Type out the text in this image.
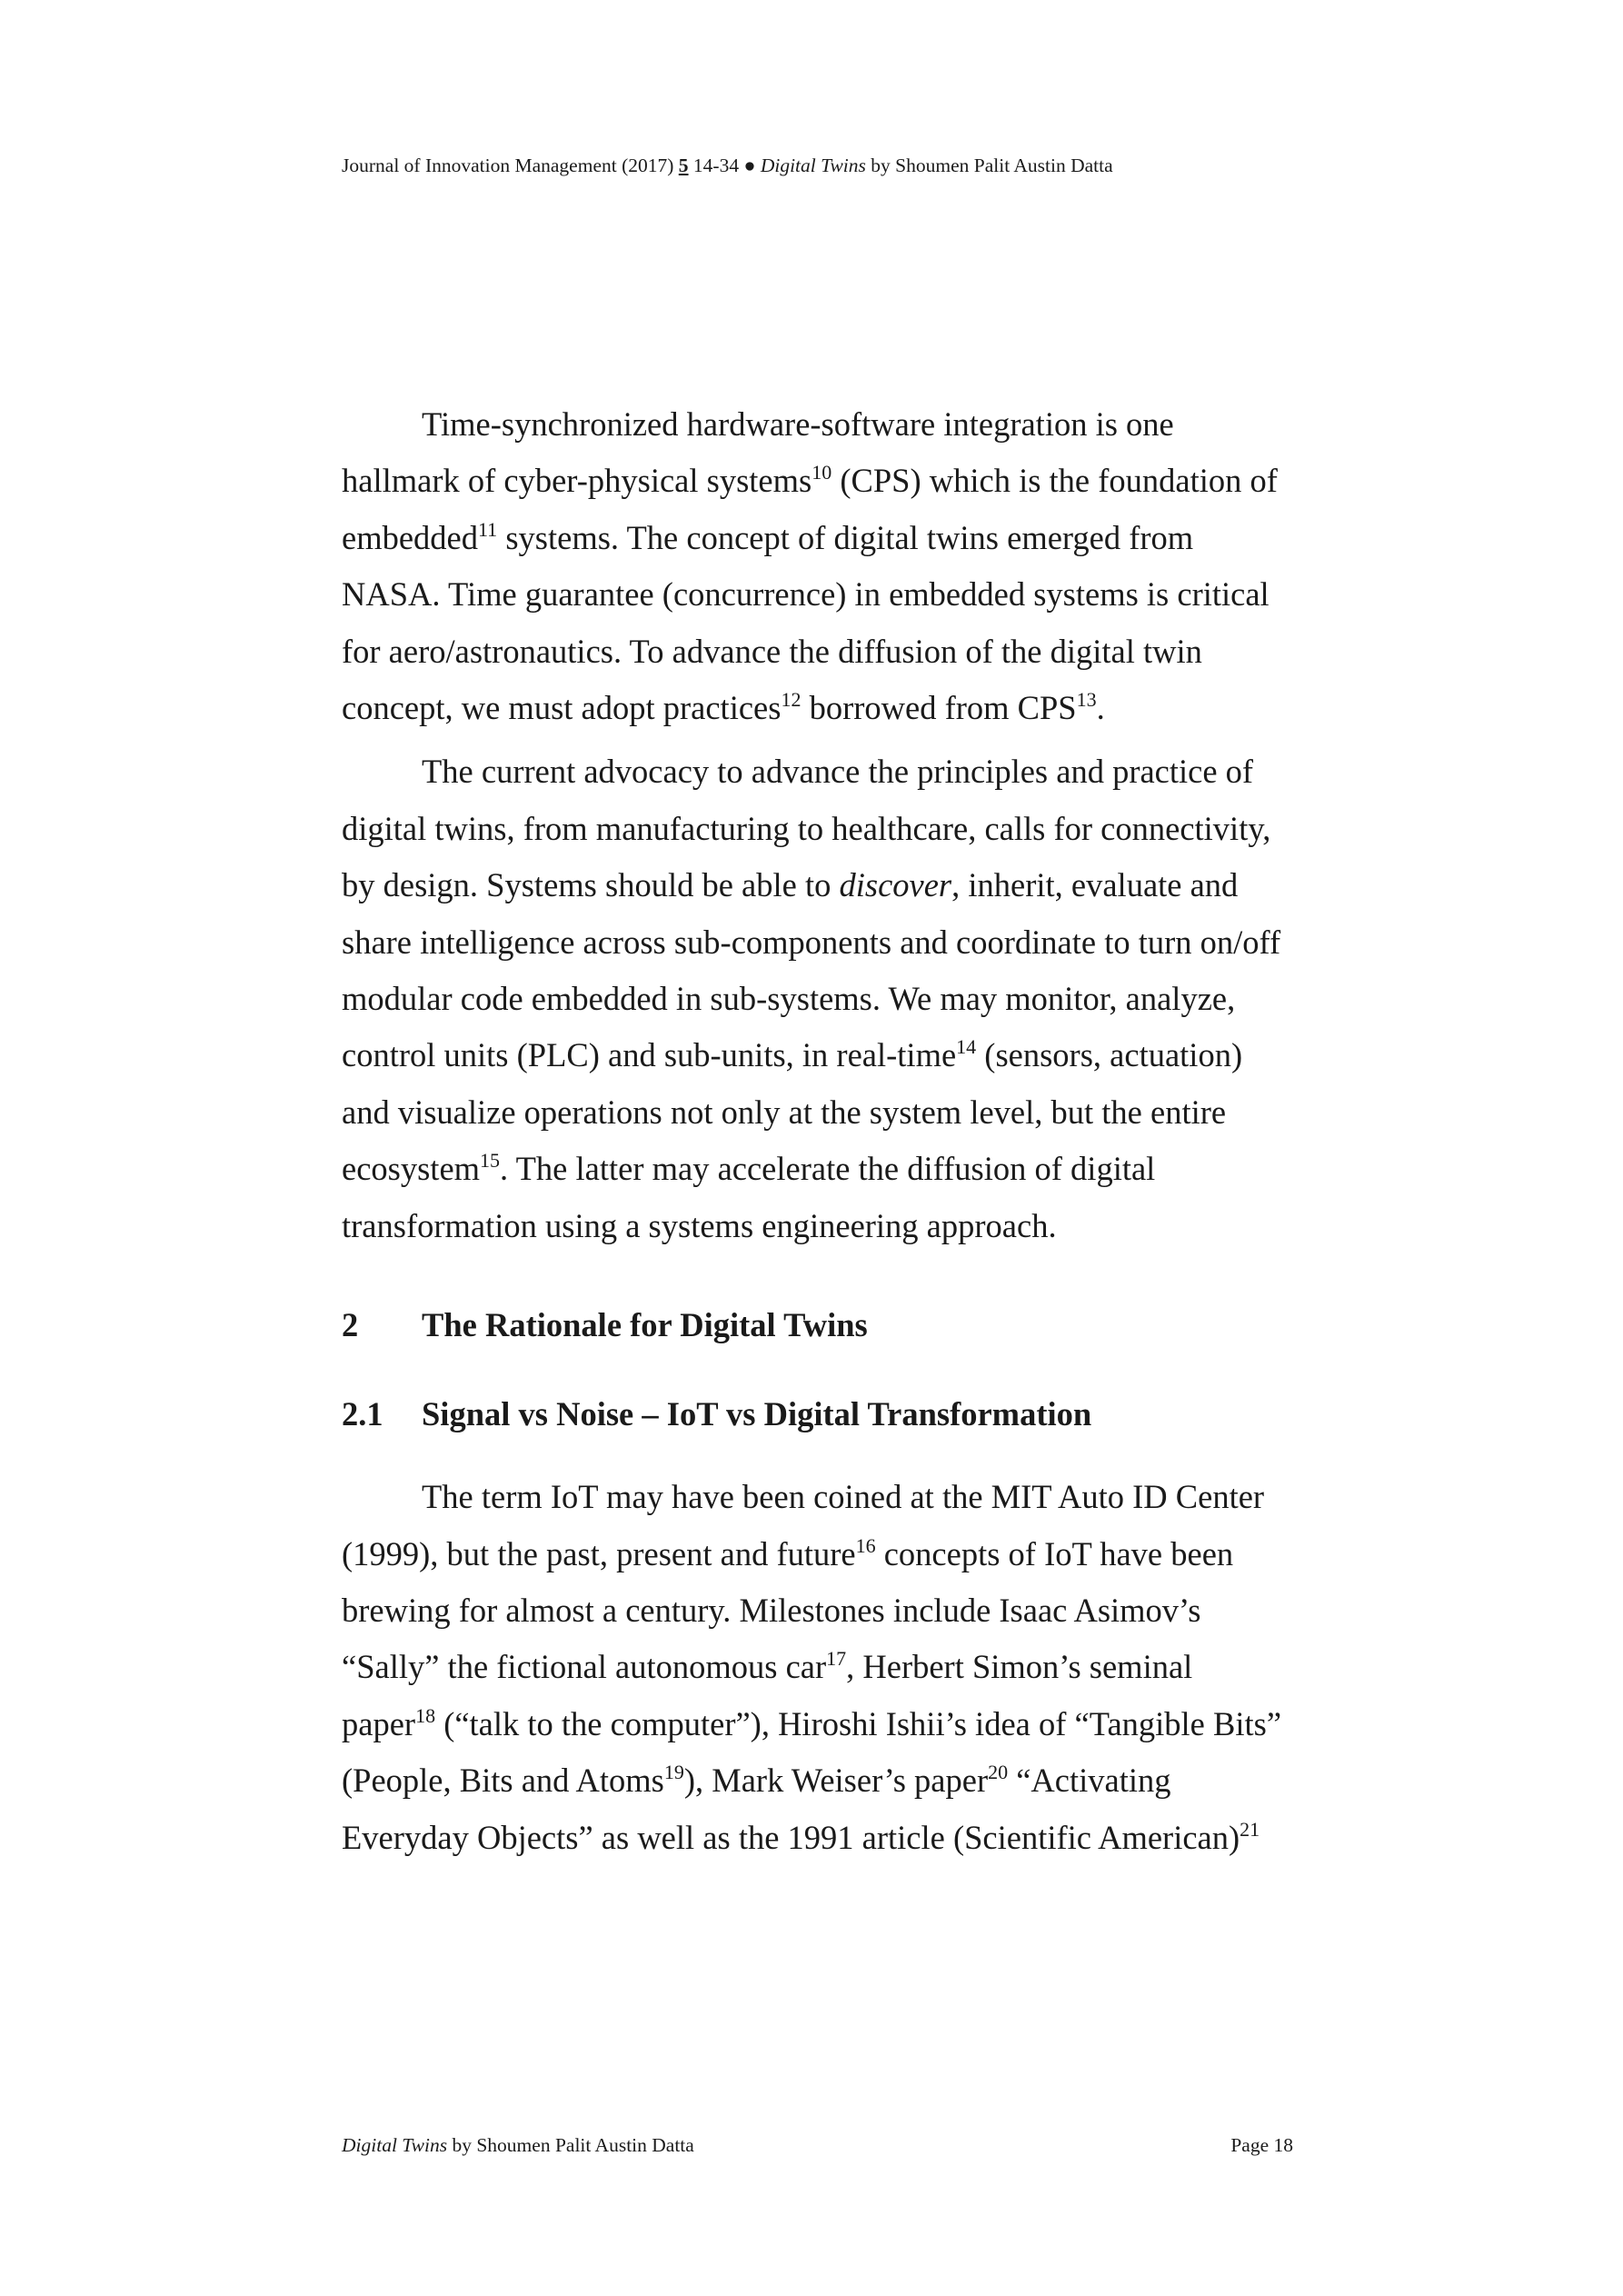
Journal of Innovation Management (2017) 5 14-34 ● Digital Twins by Shoumen Palit Austin Datta

Time-synchronized hardware-software integration is one
hallmark of cyber-physical systems$^{10}$ (CPS) which is the foundation of
embedded$^{11}$ systems. The concept of digital twins emerged from
NASA. Time guarantee (concurrence) in embedded systems is critical
for aero/astronautics. To advance the diffusion of the digital twin
concept, we must adopt practices$^{12}$ borrowed from CPS$^{13}$.

The current advocacy to advance the principles and practice of
digital twins, from manufacturing to healthcare, calls for connectivity,
by design. Systems should be able to discover, inherit, evaluate and
share intelligence across sub-components and coordinate to turn on/off
modular code embedded in sub-systems. We may monitor, analyze,
control units (PLC) and sub-units, in real-time$^{14}$ (sensors, actuation)
and visualize operations not only at the system level, but the entire
ecosystem$^{15}$. The latter may accelerate the diffusion of digital
transformation using a systems engineering approach.

2 The Rationale for Digital Twins

2.1 Signal vs Noise – IoT vs Digital Transformation

The term IoT may have been coined at the MIT Auto ID Center
(1999), but the past, present and future$^{16}$ concepts of IoT have been
brewing for almost a century. Milestones include Isaac Asimov’s
“Sally” the fictional autonomous car$^{17}$, Herbert Simon’s seminal
paper$^{18}$ (“talk to the computer”), Hiroshi Ishii’s idea of “Tangible Bits”
(People, Bits and Atoms$^{19}$), Mark Weiser’s paper$^{20}$ “Activating
Everyday Objects” as well as the 1991 article (Scientific American)$^{21}$

Digital Twins by Shoumen Palit Austin Datta	Page 18
